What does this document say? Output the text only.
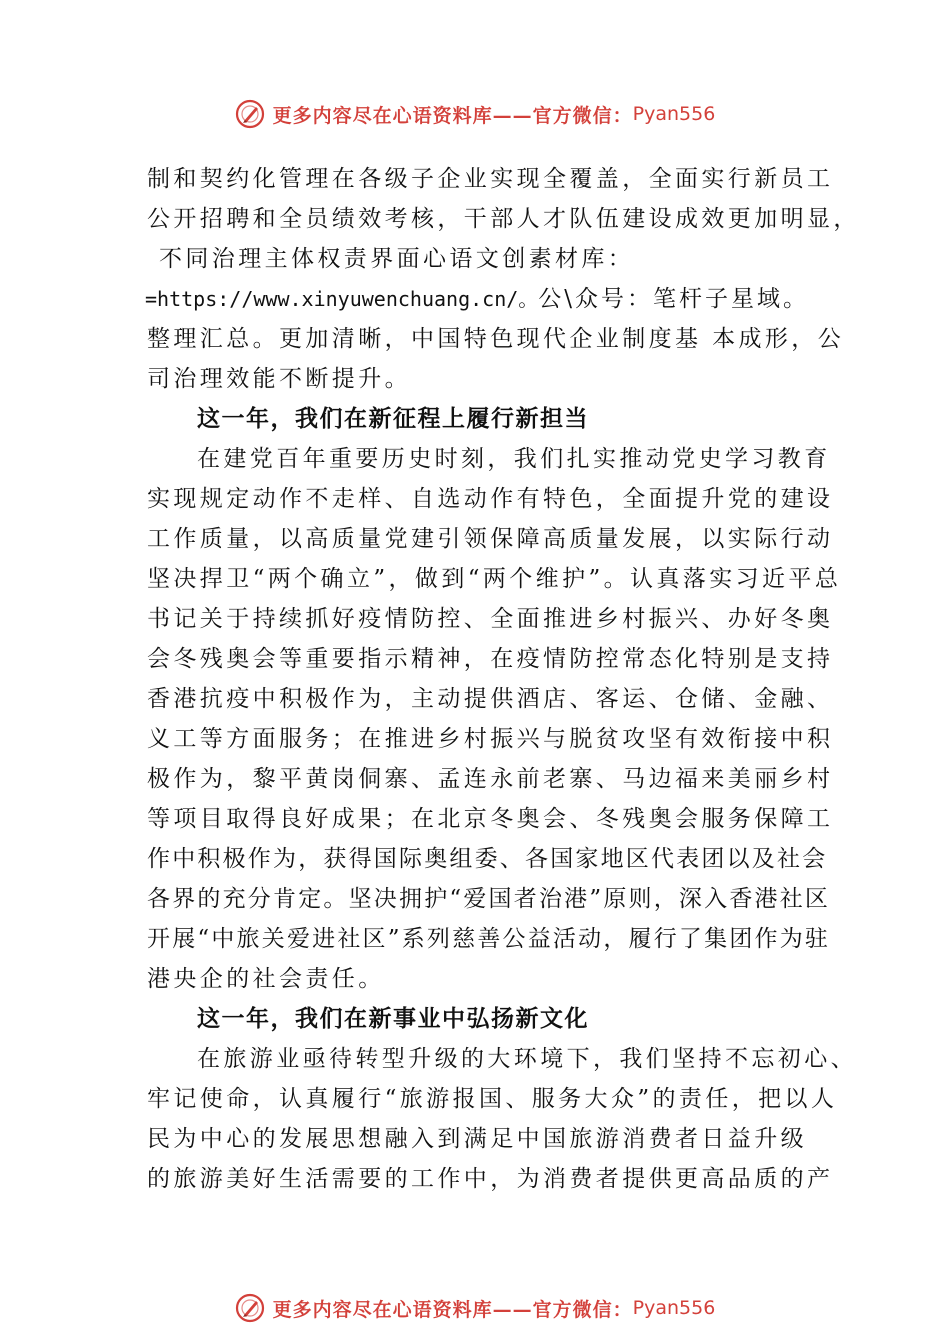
更多内容尽在心语资料库——官方微信： Pyan556
制和契约化管理在各级子企业实现全覆盖，全面实行新员工
公开招聘和全员绩效考核，干部人才队伍建设成效更加明显，
不同治理主体权责界面心语文创素材库：
=https://www.xinyuwenchuang.cn/。公\众号：笔杆子星域。
整理汇总。更加清晰，中国特色现代企业制度基 本成形，公
司治理效能不断提升。
这一年，我们在新征程上履行新担当
在建党百年重要历史时刻，我们扎实推动党史学习教育
实现规定动作不走样、自选动作有特色，全面提升党的建设
工作质量，以高质量党建引领保障高质量发展，以实际行动
坚决捍卫“两个确立”，做到“两个维护”。认真落实习近平总
书记关于持续抓好疫情防控、全面推进乡村振兴、办好冬奥
会冬残奥会等重要指示精神，在疫情防控常态化特别是支持
香港抗疫中积极作为，主动提供酒店、客运、仓储、金融、
义工等方面服务；在推进乡村振兴与脱贫攻坚有效衔接中积
极作为，黎平黄岗侗寨、孟连永前老寨、马边福来美丽乡村
等项目取得良好成果；在北京冬奥会、冬残奥会服务保障工
作中积极作为，获得国际奥组委、各国家地区代表团以及社会
各界的充分肯定。坚决拥护“爱国者治港”原则，深入香港社区
开展“中旅关爱进社区”系列慈善公益活动，履行了集团作为驻
港央企的社会责任。
这一年，我们在新事业中弘扬新文化
在旅游业亟待转型升级的大环境下，我们坚持不忘初心、
牢记使命，认真履行“旅游报国、服务大众”的责任，把以人
民为中心的发展思想融入到满足中国旅游消费者日益升级
的旅游美好生活需要的工作中，为消费者提供更高品质的产
更多内容尽在心语资料库——官方微信： Pyan556
